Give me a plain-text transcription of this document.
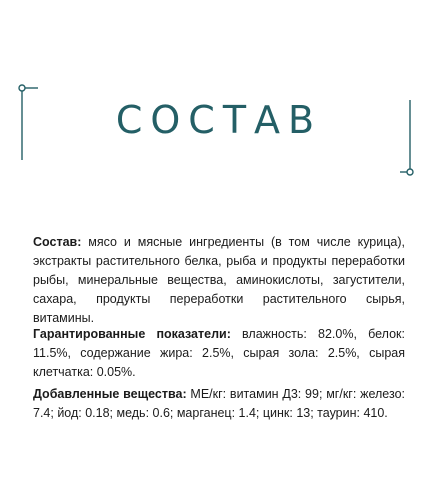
СОСТАВ
Состав: мясо и мясные ингредиенты (в том числе курица), экстракты растительного белка, рыба и продукты переработки рыбы, минеральные вещества, аминокислоты, загустители, сахара, продукты переработки растительного сырья, витамины.
Гарантированные показатели: влажность: 82.0%, белок: 11.5%, содержание жира: 2.5%, сырая зола: 2.5%, сырая клетчатка: 0.05%.
Добавленные вещества: МЕ/кг: витамин Д3: 99; мг/кг: железо: 7.4; йод: 0.18; медь: 0.6; марганец: 1.4; цинк: 13; таурин: 410.
